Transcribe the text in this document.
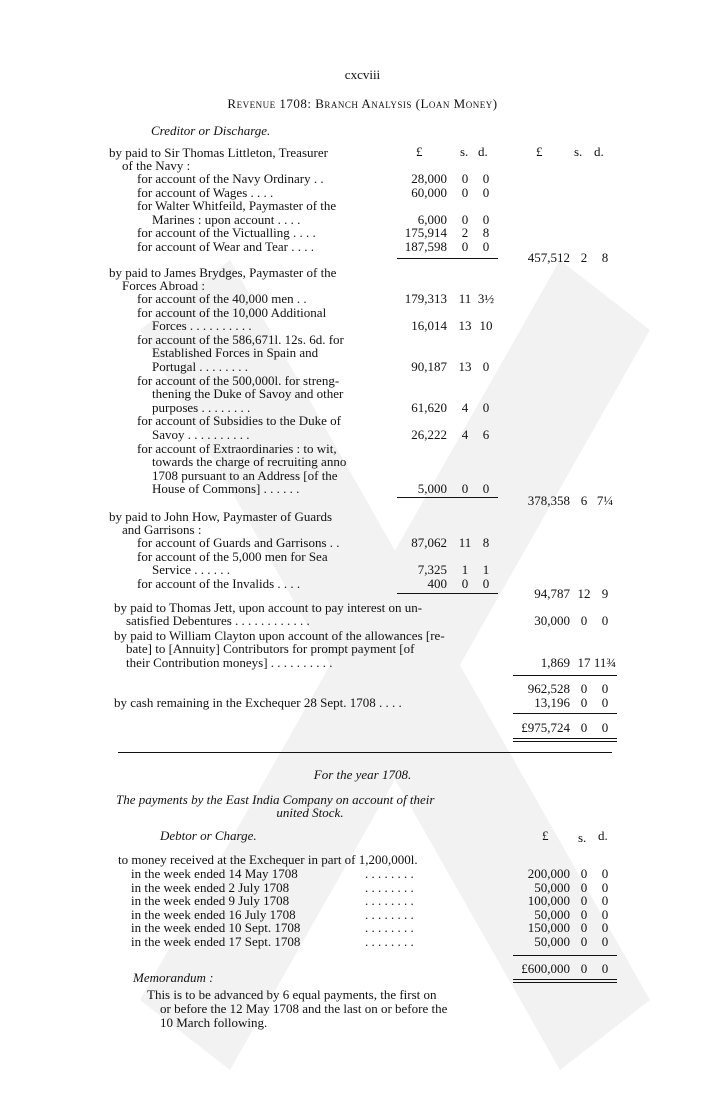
cxcviii
Revenue 1708: Branch Analysis (Loan Money)
Creditor or Discharge.
£	s. d.	£ s. d.
by paid to Sir Thomas Littleton, Treasurer
of the Navy :
for account of the Navy Ordinary . .	28,000	0	0
for account of Wages . . . .	60,000	0	0
for Walter Whitfeild, Paymaster of the
Marines : upon account . . . .	6,000	0	0
for account of the Victualling . . . .	175,914	2	8
for account of Wear and Tear . . . .	187,598	0	0
457,512 2	8
by paid to James Brydges, Paymaster of the
Forces Abroad :
for account of the 40,000 men . .	179,313 11 3½
for account of the 10,000 Additional
Forces . . . . . . . . . .	16,014 13 10
for account of the 586,671l. 12s. 6d. for
Established Forces in Spain and
Portugal . . . . . . . .	90,187 13 0
for account of the 500,000l. for streng-
thening the Duke of Savoy and other
purposes . . . . . . . .	61,620	4	0
for account of Subsidies to the Duke of
Savoy . . . . . . . . . .	26,222	4	6
for account of Extraordinaries : to wit,
towards the charge of recruiting anno
1708 pursuant to an Address [of the
House of Commons] . . . . . .	5,000	0	0
378,358 6 7¼
by paid to John How, Paymaster of Guards
and Garrisons :
for account of Guards and Garrisons . .	87,062 11 8
for account of the 5,000 men for Sea
Service . . . . . .	7,325	1	1
for account of the Invalids . . . .	400	0	0
94,787 12 9
by paid to Thomas Jett, upon account to pay interest on un-
satisfied Debentures . . . . . . . . . . . .	30,000 0	0
by paid to William Clayton upon account of the allowances [re-
bate] to [Annuity] Contributors for prompt payment [of
their Contribution moneys] . . . . . . . . . .	1,869 17 11¾
962,528 0	0
by cash remaining in the Exchequer 28 Sept. 1708 . . . .	13,196 0	0
£975,724 0	0
For the year 1708.
The payments by the East India Company on account of their
united Stock.
Debtor or Charge.	£ s. d.
to money received at the Exchequer in part of 1,200,000l.
in the week ended 14 May 1708	. . . . . . . .	200,000 0	0
in the week ended 2 July 1708	. . . . . . . .	50,000 0	0
in the week ended 9 July 1708	. . . . . . . .	100,000 0	0
in the week ended 16 July 1708	. . . . . . . .	50,000 0	0
in the week ended 10 Sept. 1708	. . . . . . . .	150,000 0	0
in the week ended 17 Sept. 1708	. . . . . . . .	50,000 0	0
£600,000 0	0
Memorandum :
This is to be advanced by 6 equal payments, the first on
or before the 12 May 1708 and the last on or before the
10 March following.
